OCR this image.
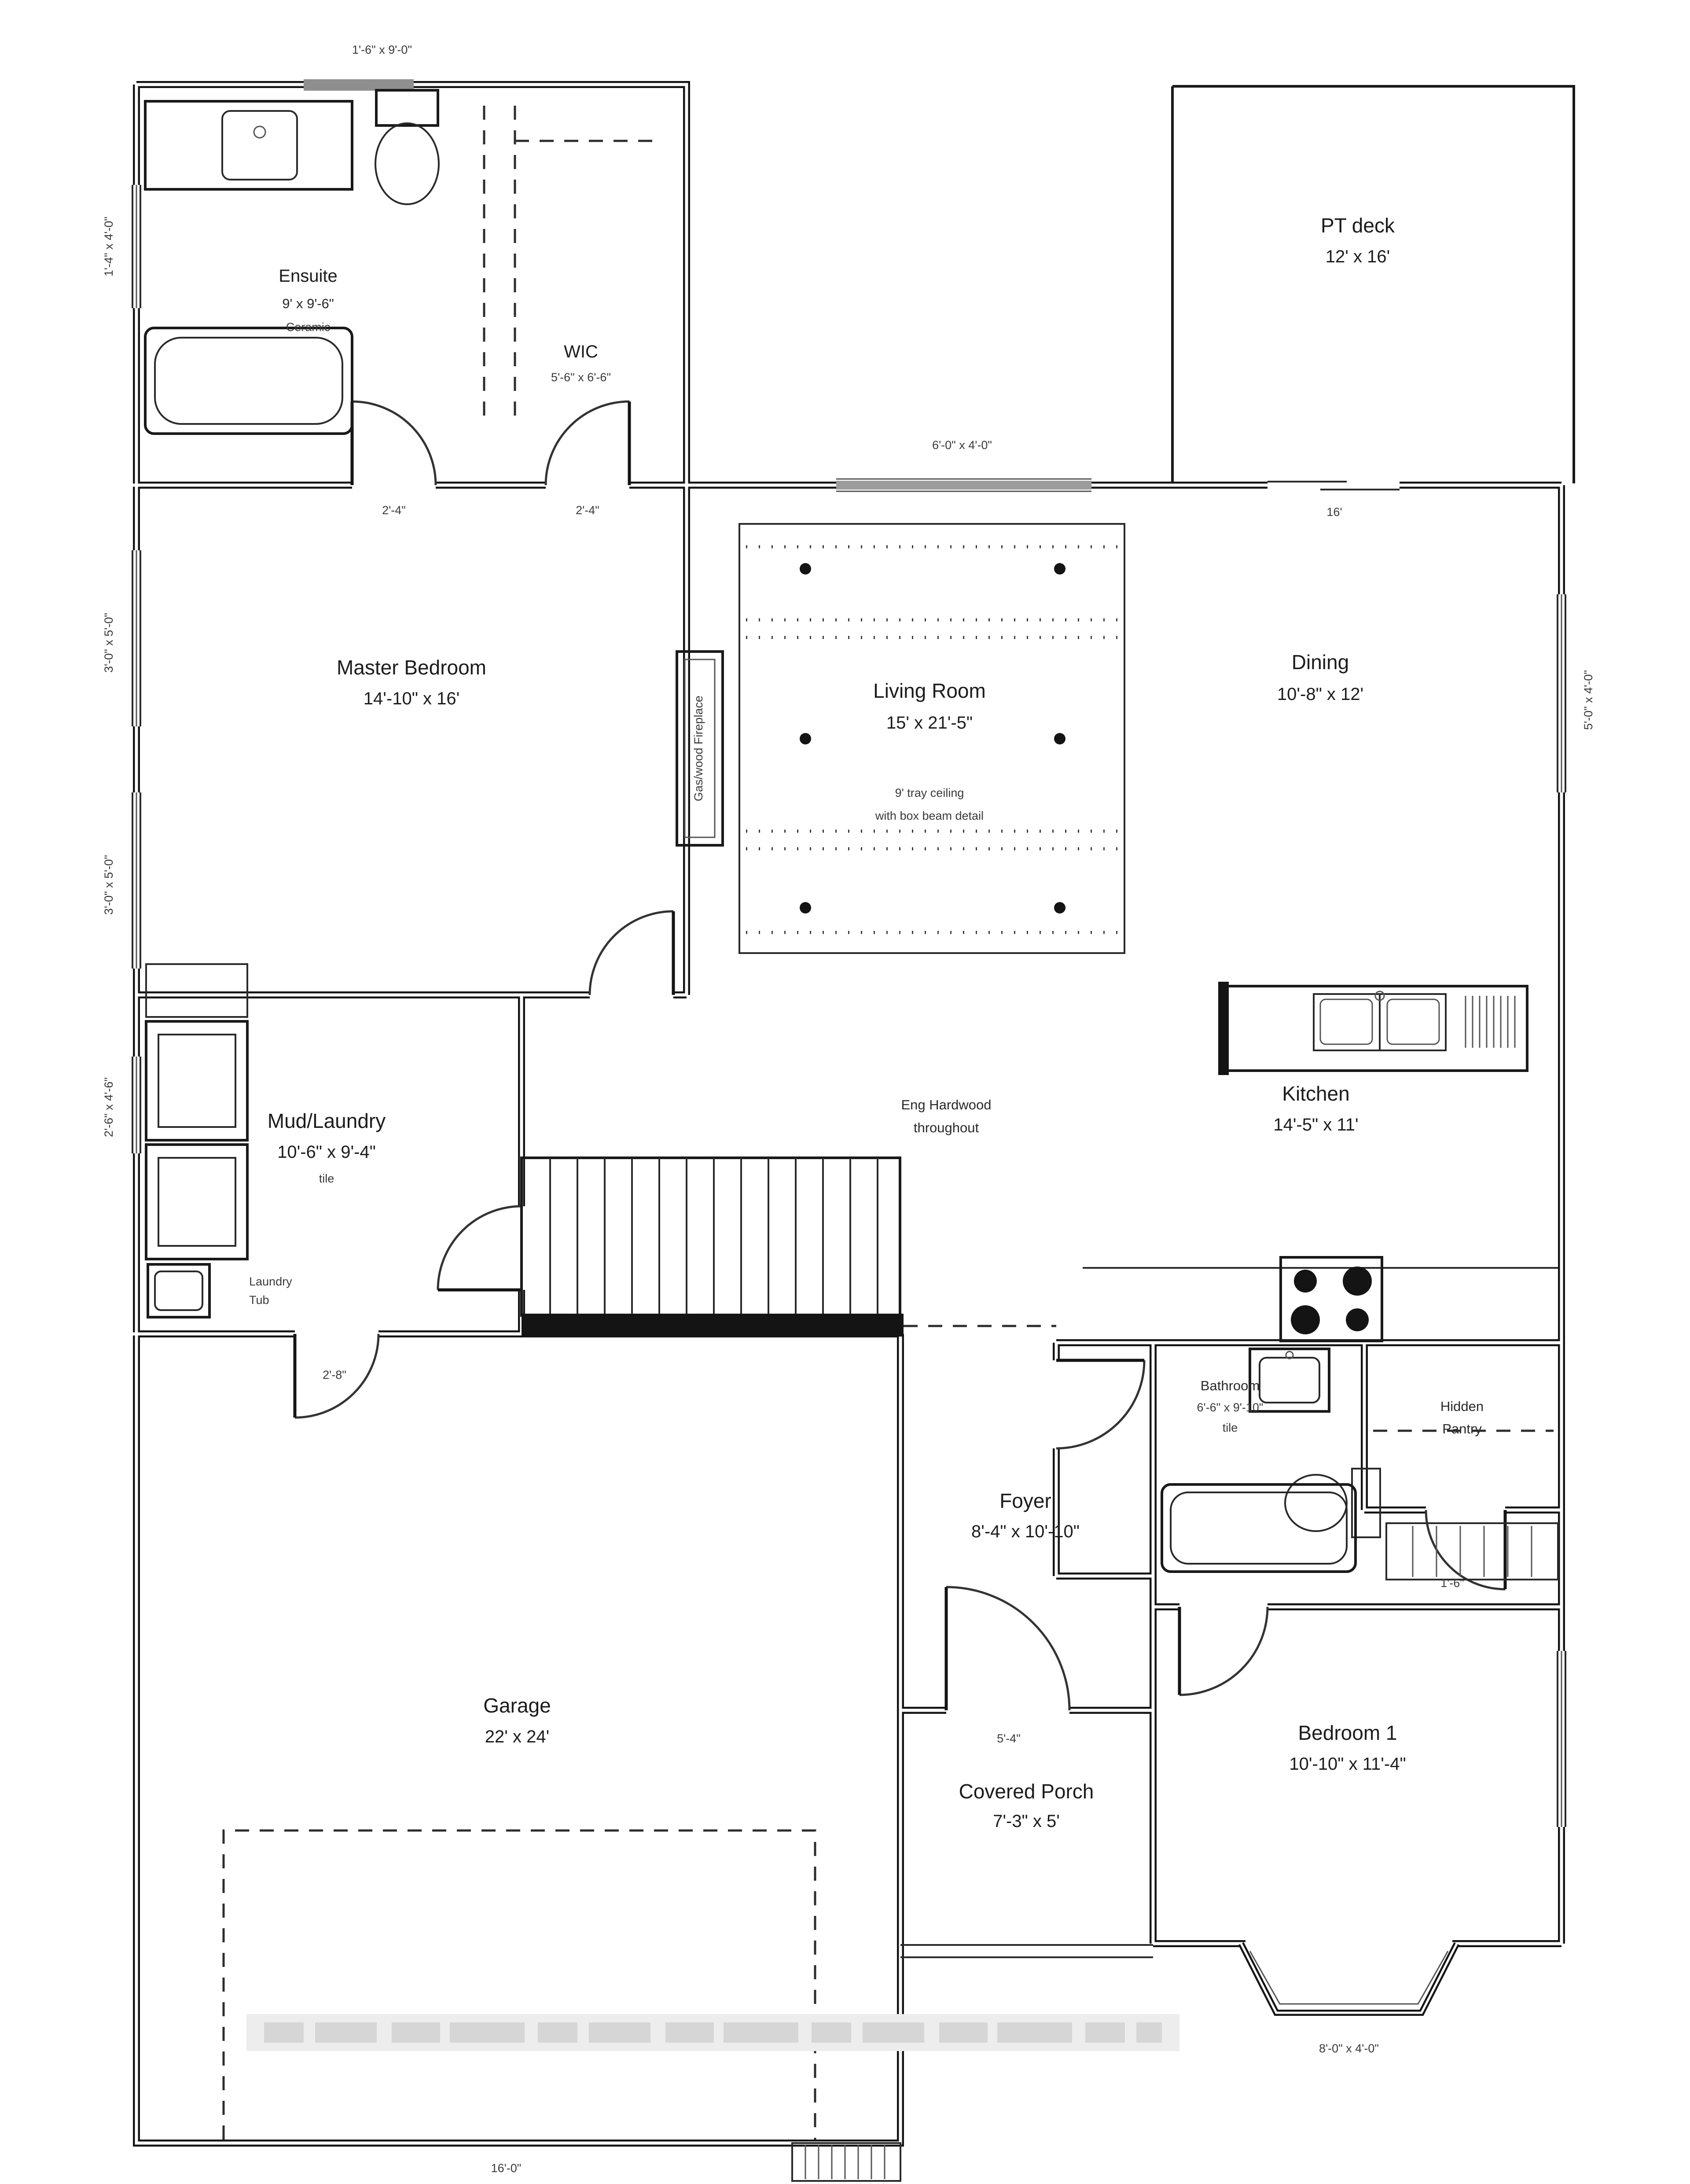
Ensuite
9' x 9'-6"
Ceramic
WIC
5'-6" x 6'-6"
PT deck
12' x 16'
Master Bedroom
14'-10" x 16'	Living Room
15' x 21'-5"
9' tray ceiling
with box beam detail
Dining
10'-8" x 12'
Mud/Laundry
10'-6" x 9'-4"
tile
Laundry
Tub
Eng Hardwood
throughout
Kitchen
14'-5" x 11'
Bathroom
6'-6" x 9'-10"
tile
Hidden
Pantry
Foyer
8'-4" x 10'-10"
Garage
22' x 24'
Covered Porch
7'-3" x 5'
Bedroom 1
10'-10" x 11'-4"
Gas/wood Fireplace
1'-6" x 9'-0"
6'-0" x 4'-0"
16'
2'-4"	2'-4"
5'-4"
2'-8"
1'-6"
8'-0" x 4'-0"
16'-0"
1'-4" x 4'-0"
3'-0" x 5'-0"
3'-0" x 5'-0"
2'-6" x 4'-6"
5'-0" x 4'-0"
